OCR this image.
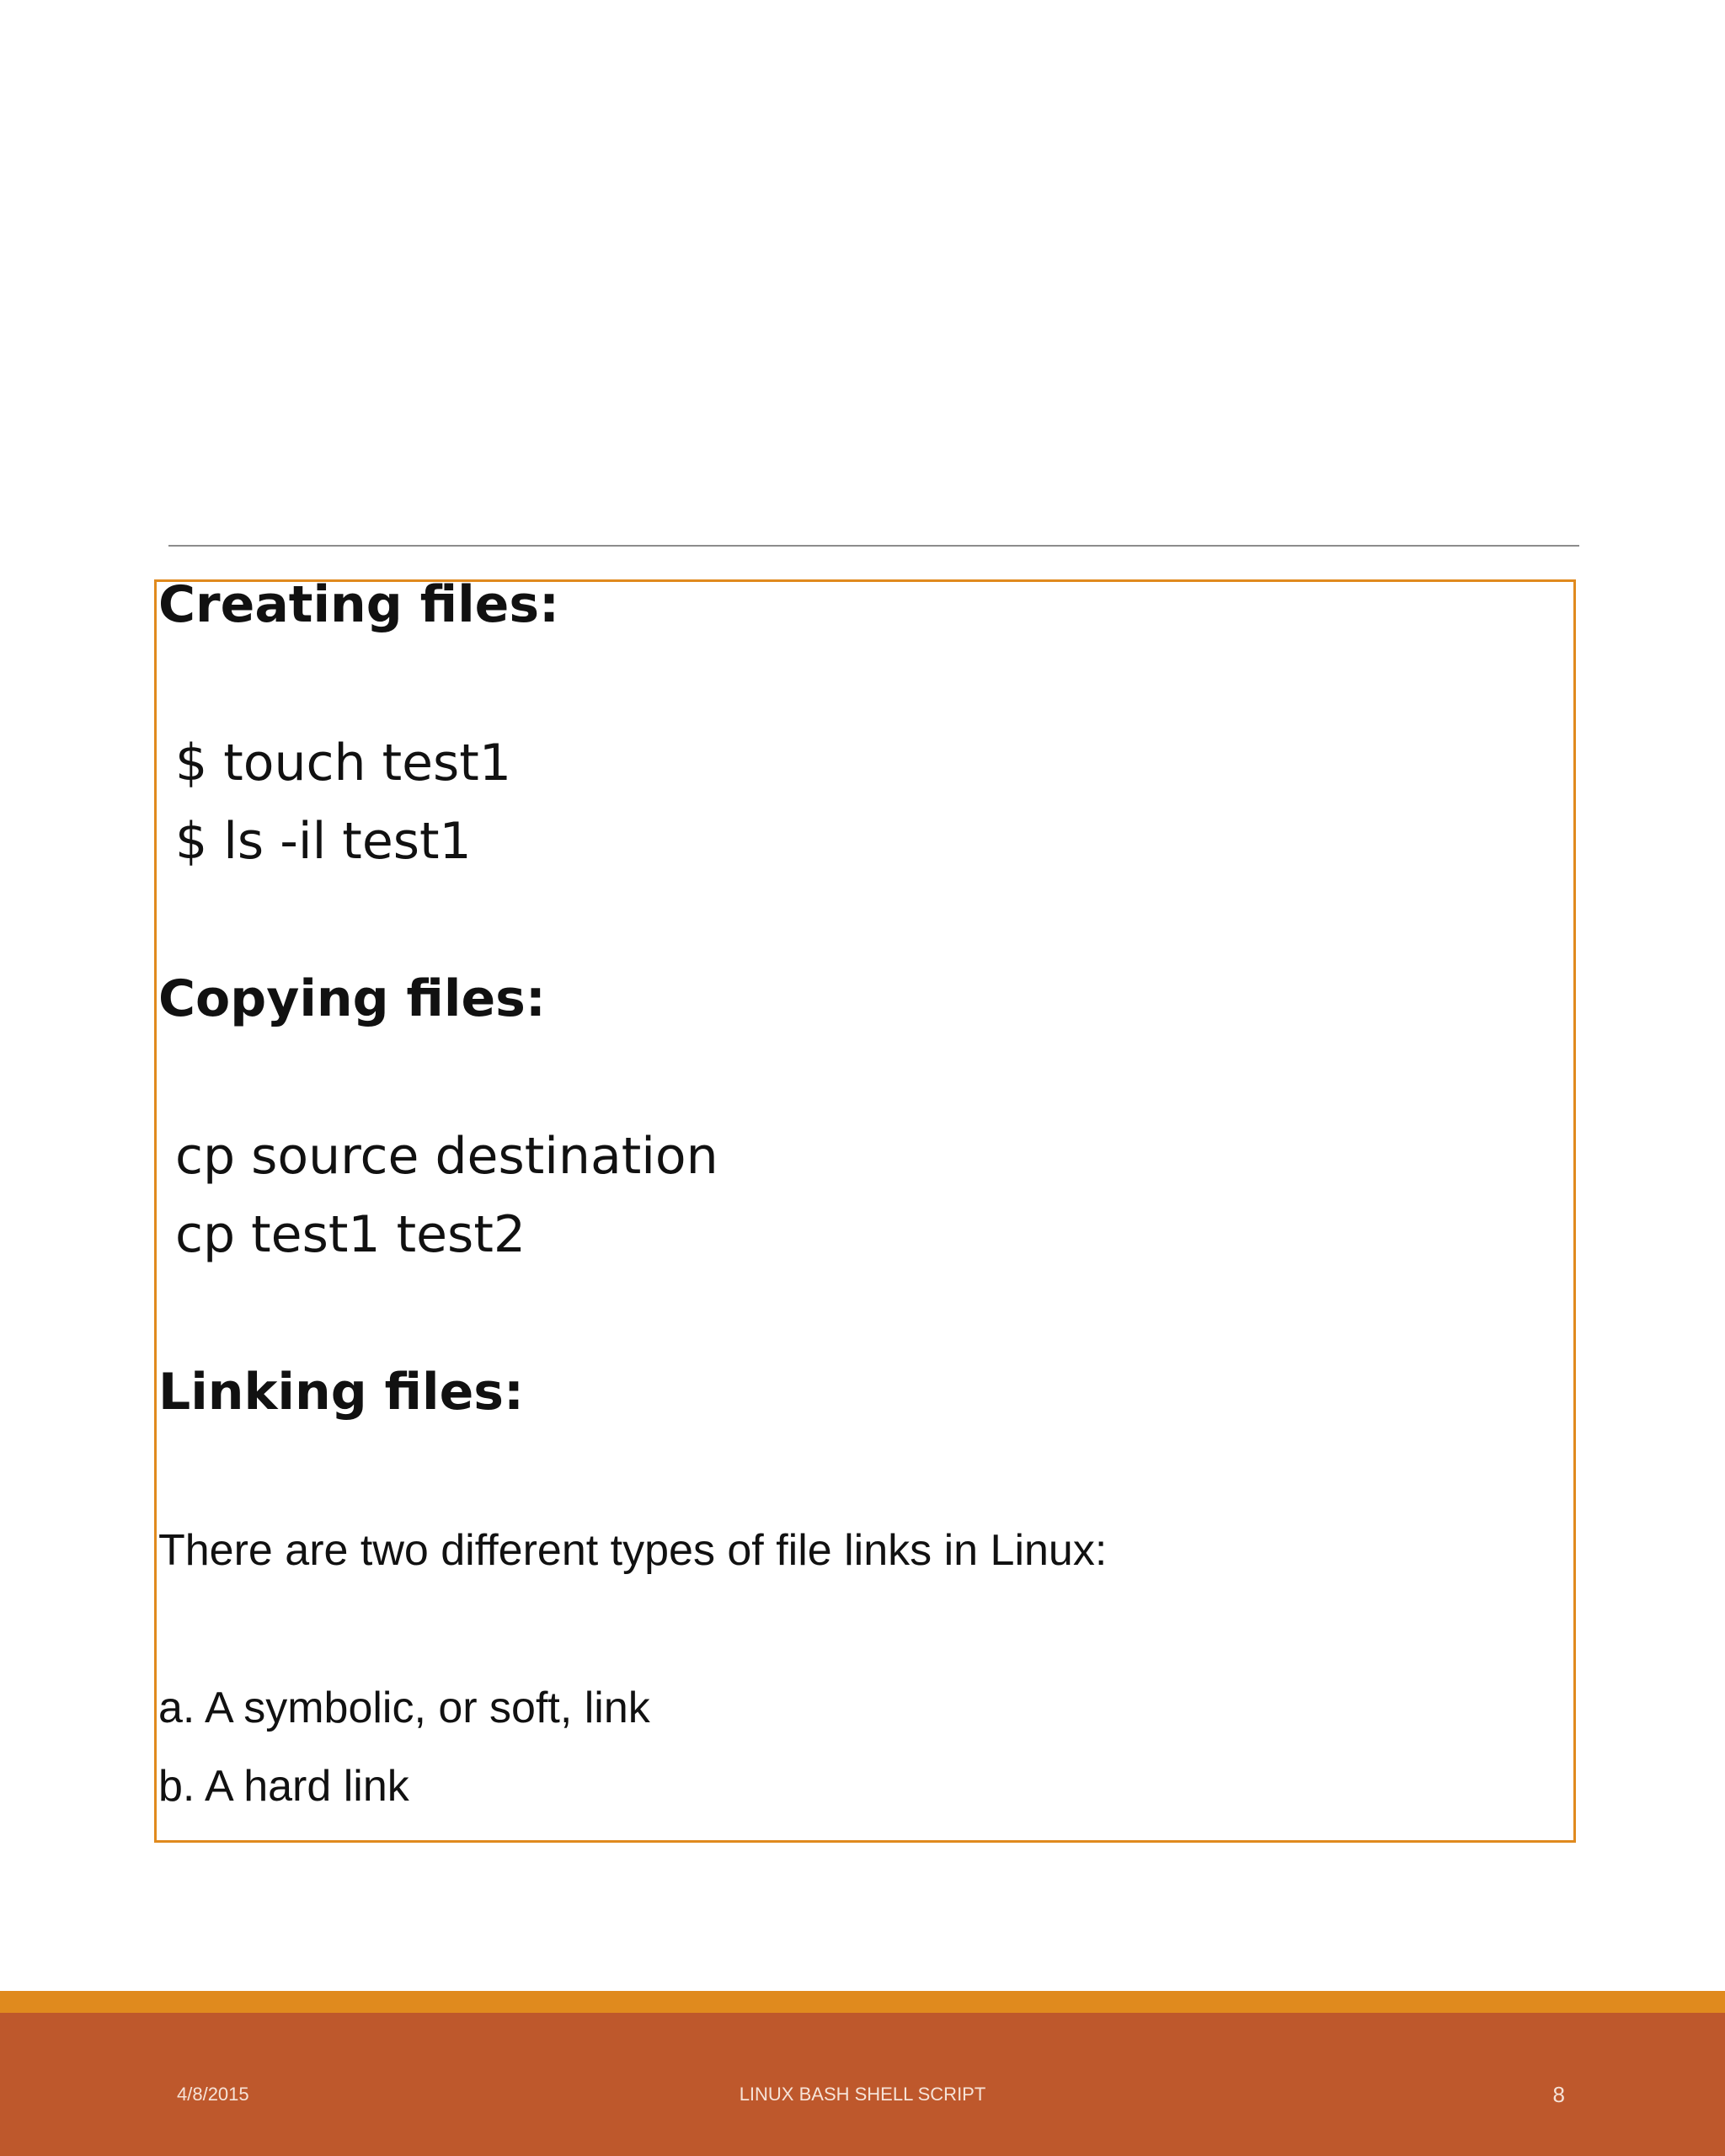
Creating files:
$ touch test1
$ ls -il test1
Copying files:
cp source destination
cp test1 test2
Linking files:
There are two different types of file links in Linux:
a. A symbolic, or soft, link
b. A hard link
4/8/2015	LINUX BASH SHELL SCRIPT	8
